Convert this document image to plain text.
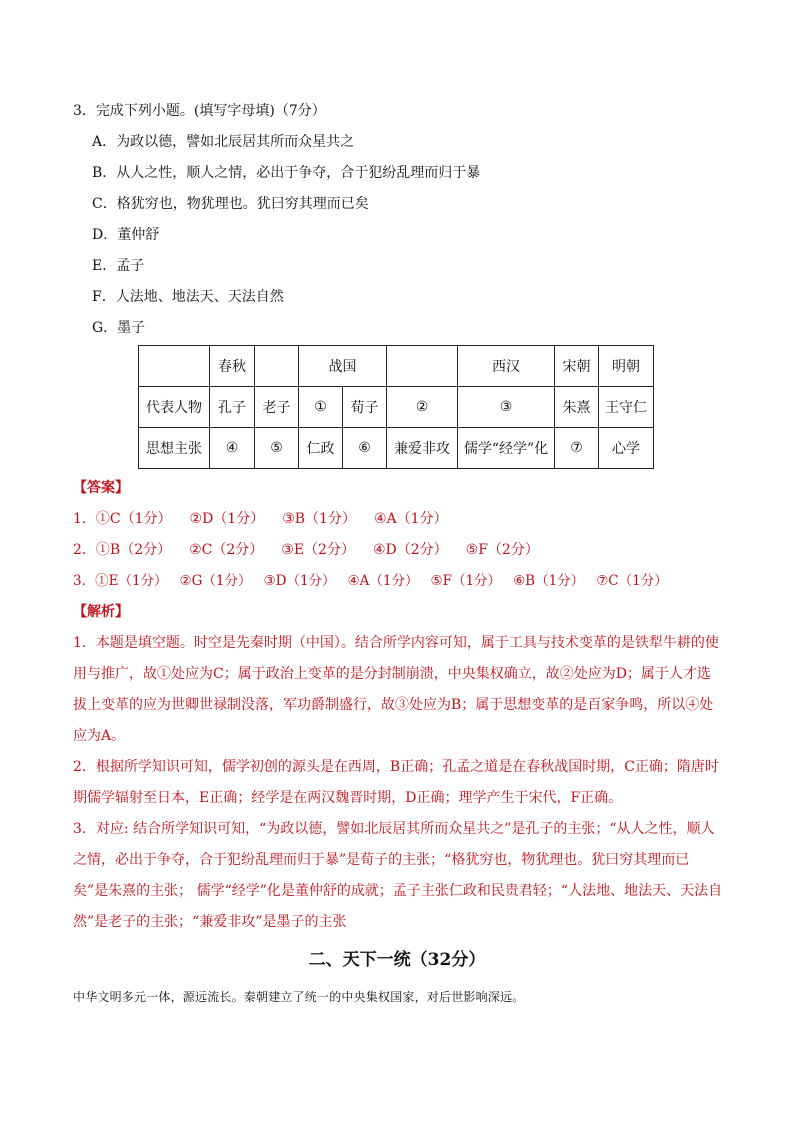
3．完成下列小题。(填写字母填)（7分）
A．为政以德，譬如北辰居其所而众星共之
B．从人之性，顺人之情，必出于争夺，合于犯纷乱理而归于暴
C．格犹穷也，物犹理也。犹曰穷其理而已矣
D．董仲舒
E．孟子
F．人法地、地法天、天法自然
G．墨子
	春秋		战国			西汉	宋朝	明朝
代表人物	孔子	老子	①	荀子	②	③	朱熹	王守仁
思想主张	④	⑤	仁政	⑥	兼爱非攻	儒学“经学”化	⑦	心学
【答案】
1．①C（1分） ②D（1分） ③B（1分） ④A（1分）
2．①B（2分） ②C（2分） ③E（2分） ④D（2分） ⑤F（2分）
3．①E（1分） ②G（1分） ③D（1分） ④A（1分） ⑤F（1分） ⑥B（1分） ⑦C（1分）
【解析】
1．本题是填空题。时空是先秦时期（中国）。结合所学内容可知，属于工具与技术变革的是铁犁牛耕的使用与推广，故①处应为C；属于政治上变革的是分封制崩溃，中央集权确立，故②处应为D；属于人才选拔上变革的应为世卿世禄制没落，军功爵制盛行，故③处应为B；属于思想变革的是百家争鸣，所以④处应为A。
2．根据所学知识可知，儒学初创的源头是在西周，B正确；孔孟之道是在春秋战国时期，C正确；隋唐时期儒学辐射至日本，E正确；经学是在两汉魏晋时期，D正确；理学产生于宋代，F正确。
3．对应: 结合所学知识可知，“为政以德，譬如北辰居其所而众星共之”是孔子的主张；“从人之性，顺人之情，必出于争夺，合于犯纷乱理而归于暴”是荀子的主张；“格犹穷也，物犹理也。犹曰穷其理而已矣”是朱熹的主张； 儒学“经学”化是董仲舒的成就；孟子主张仁政和民贵君轻；“人法地、地法天、天法自然”是老子的主张；“兼爱非攻”是墨子的主张
二、天下一统（32分）
中华文明多元一体，源远流长。秦朝建立了统一的中央集权国家，对后世影响深远。
